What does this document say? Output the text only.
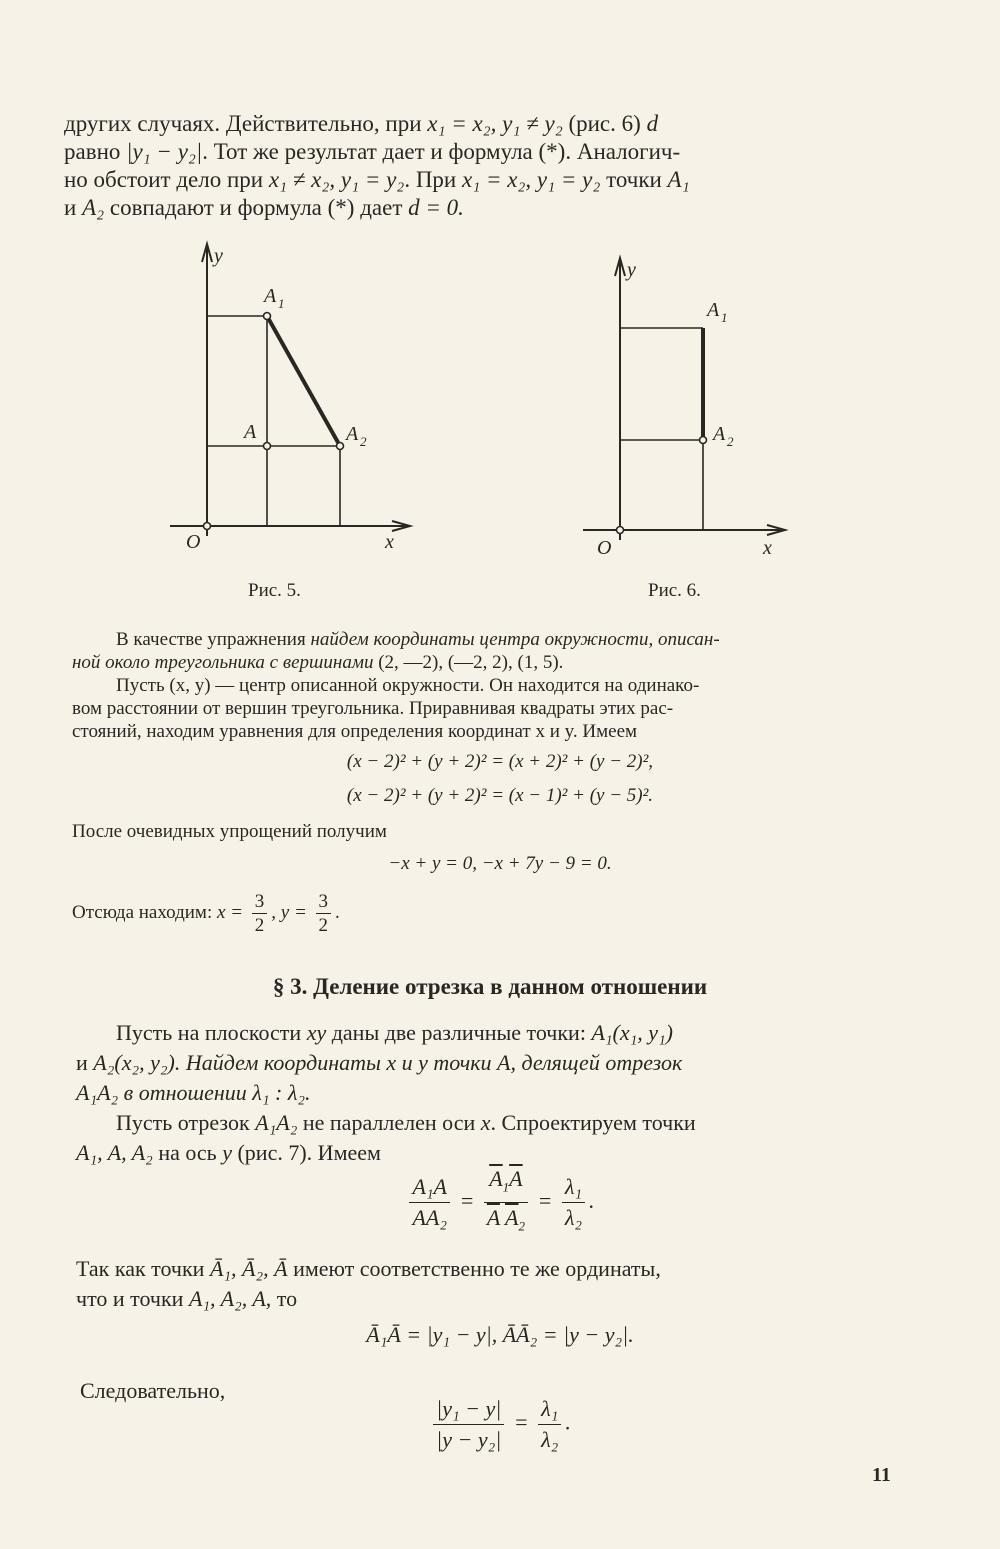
других случаях. Действительно, при x₁ = x₂, y₁ ≠ y₂ (рис. 6) d

равно |y₁ − y₂|. Тот же результат дает и формула (*). Аналогич-

но обстоит дело при x₁ ≠ x₂, y₁ = y₂. При x₁ = x₂, y₁ = y₂ точки A₁

и A₂ совпадают и формула (*) дает d = 0.

y
x
O
A 1
A	A 2
Рис. 5.
y
x
O
A 1
A 2
Рис. 6.

В качестве упражнения найдем координаты центра окружности, описан-

ной около треугольника с вершинами (2, —2), (—2, 2), (1, 5).

Пусть (x, y) — центр описанной окружности. Он находится на одинако-

вом расстоянии от вершин треугольника. Приравнивая квадраты этих рас-

стояний, находим уравнения для определения координат x и y. Имеем

(x − 2)² + (y + 2)² = (x + 2)² + (y − 2)²,
(x − 2)² + (y + 2)² = (x − 1)² + (y − 5)².
После очевидных упрощений получим
−x + y = 0, −x + 7y − 9 = 0.
Отсюда находим: $x = \frac{3}{2}$ , $y = \frac{3}{2}$ .
§ 3. Деление отрезка в данном отношении

Пусть на плоскости xy даны две различные точки: A₁(x₁, y₁)

и A₂(x₂, y₂). Найдем координаты x и y точки A, делящей отрезок

A₁A₂ в отношении λ₁ : λ₂.

Пусть отрезок A₁A₂ не параллелен оси x. Спроектируем точки

A₁, A, A₂ на ось y (рис. 7). Имеем

$\frac{\text{A₁A}}{\text{AA₂}} = \frac{\overline{A}_1\overline{A}}{\overline{A} \overline{A}_2} = \frac{\text{λ₁}}{\text{λ₂}}$ .

Так как точки Ā₁, Ā₂, Ā имеют соответственно те же ординаты,

что и точки A₁, A₂, A, то

Ā₁Ā = |y₁ − y|, ĀĀ₂ = |y − y₂|.
Следовательно,
$\frac{\text{|y₁ − y|}}{\text{|y − y₂|}} = \frac{\text{λ₁}}{\text{λ₂}}$ .
11
